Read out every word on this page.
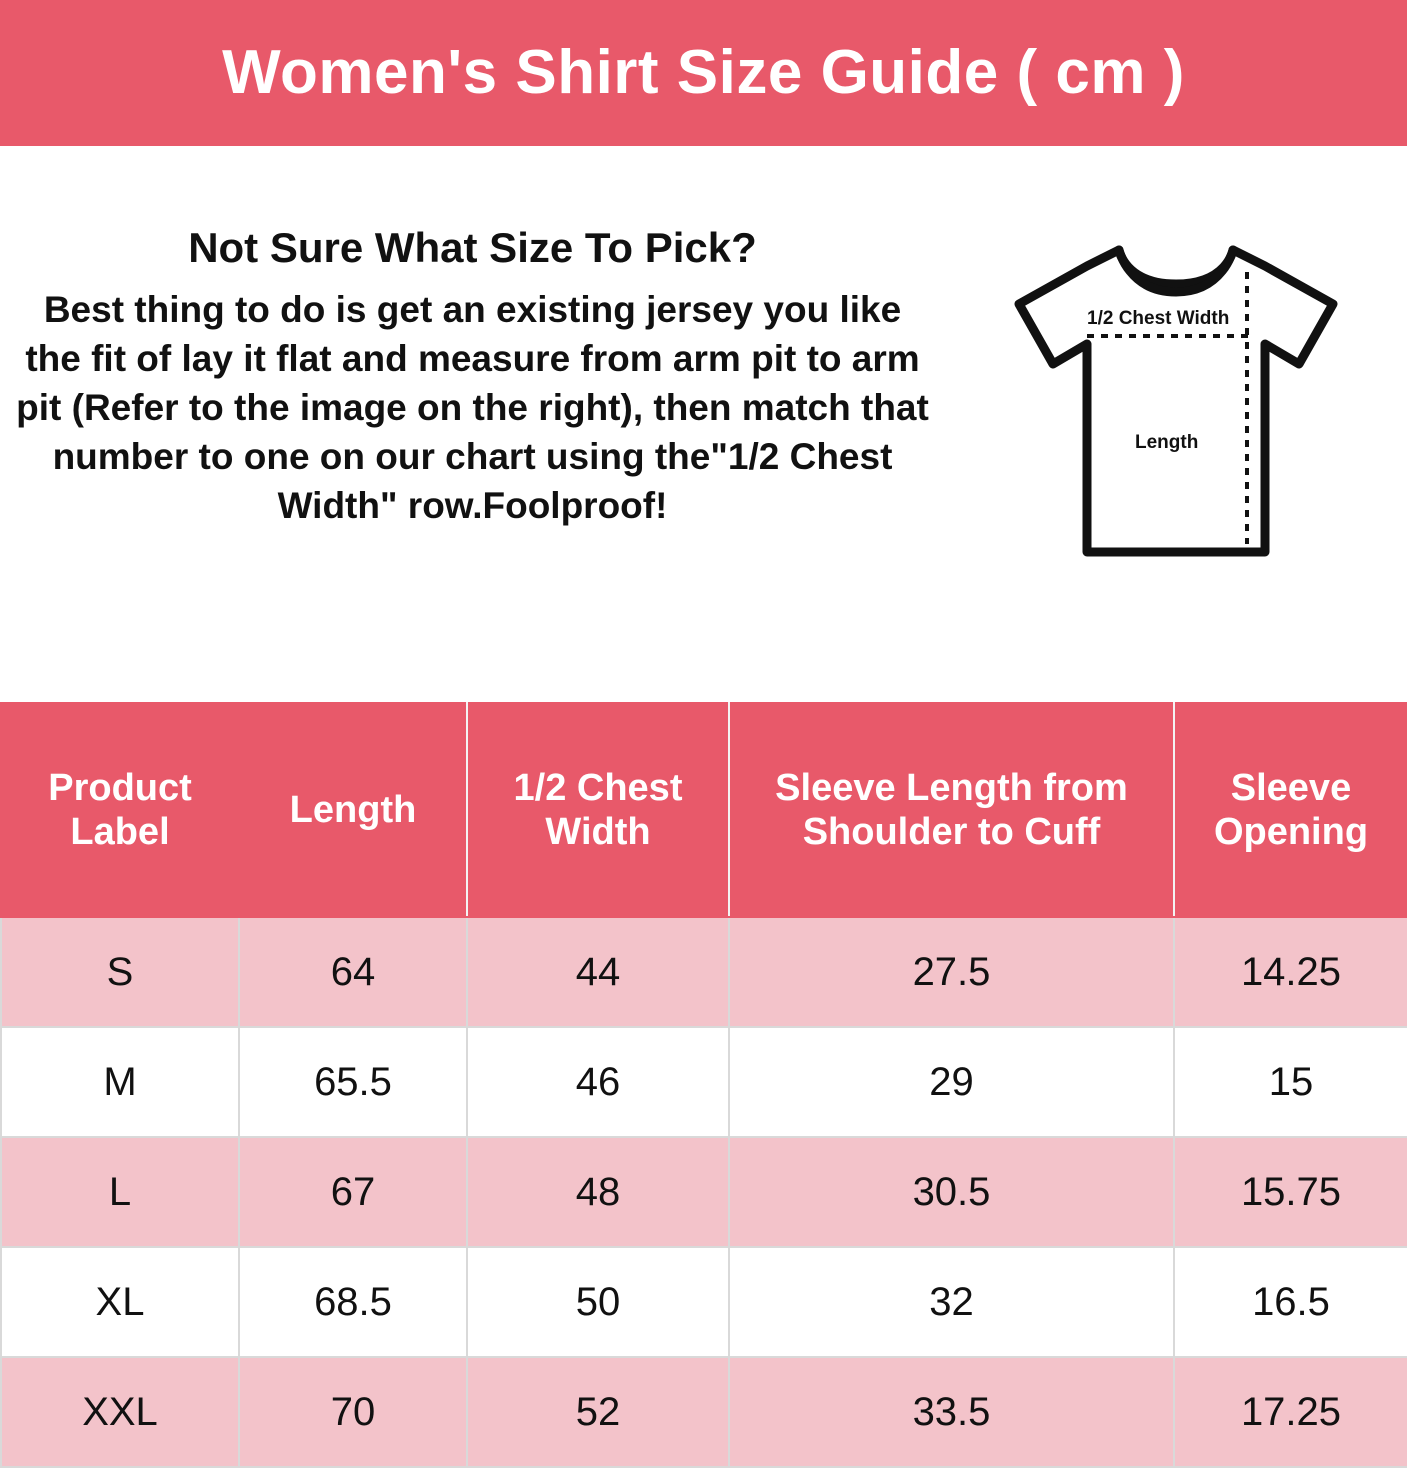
Women's Shirt Size Guide ( cm )
Not Sure What Size To Pick?
Best thing to do is get an existing jersey you like the fit of lay it flat and measure from arm pit to arm pit (Refer to the image on the right), then match that number to one on our chart using the"1/2 Chest Width" row.Foolproof!
1/2 Chest Width
Length
Product Label	Length	1/2 Chest Width	Sleeve Length from Shoulder to Cuff	Sleeve Opening
S	64	44	27.5	14.25
M	65.5	46	29	15
L	67	48	30.5	15.75
XL	68.5	50	32	16.5
XXL	70	52	33.5	17.25
